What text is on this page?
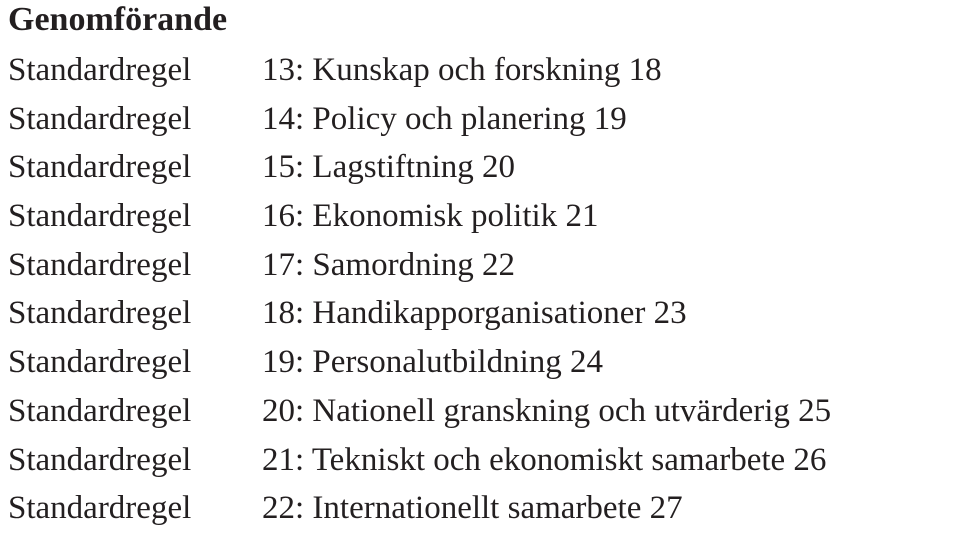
Genomförande
Standardregel 13: Kunskap och forskning 18
Standardregel 14: Policy och planering 19
Standardregel 15: Lagstiftning 20
Standardregel 16: Ekonomisk politik 21
Standardregel 17: Samordning 22
Standardregel 18: Handikapporganisationer 23
Standardregel 19: Personalutbildning 24
Standardregel 20: Nationell granskning och utvärderig 25
Standardregel 21: Tekniskt och ekonomiskt samarbete 26
Standardregel 22: Internationellt samarbete 27
